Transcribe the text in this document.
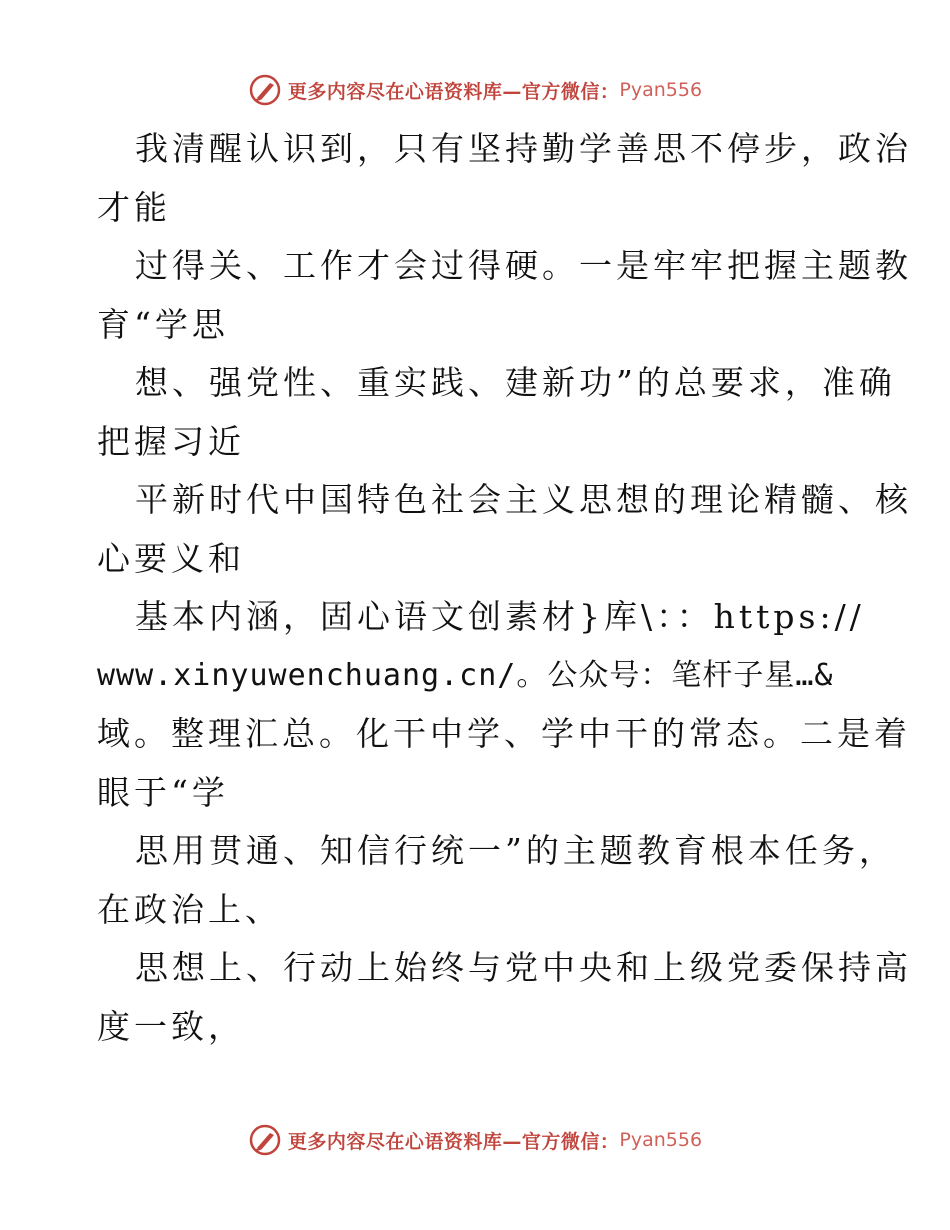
更多内容尽在心语资料库—官方微信： Pyan556
我清醒认识到，只有坚持勤学善思不停步，政治
才能
过得关、工作才会过得硬。一是牢牢把握主题教
育“学思
想、强党性、重实践、建新功”的总要求，准确
把握习近
平新时代中国特色社会主义思想的理论精髓、核
心要义和
基本内涵，固心语文创素材}库\：：https://
www.xinyuwenchuang.cn/。公众号：笔杆子星…&
域。整理汇总。化干中学、学中干的常态。二是着
眼于“学
思用贯通、知信行统一”的主题教育根本任务，
在政治上、
思想上、行动上始终与党中央和上级党委保持高
度一致，
更多内容尽在心语资料库—官方微信： Pyan556
